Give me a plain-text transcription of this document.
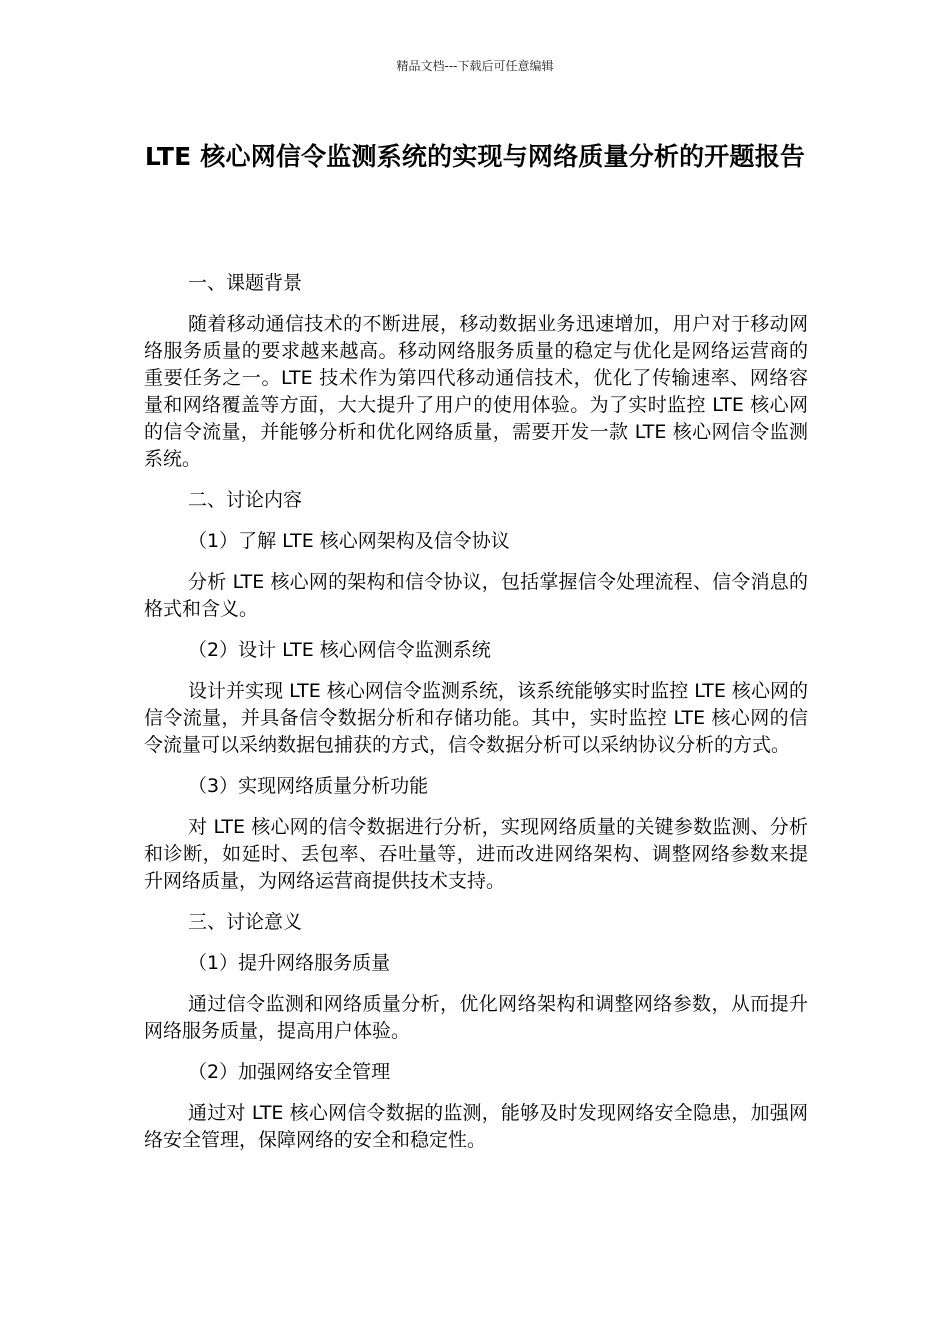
精品文档---下载后可任意编辑
LTE 核心网信令监测系统的实现与网络质量分析的开题报告

一、课题背景

随着移动通信技术的不断进展，移动数据业务迅速增加，用户对于移动网络服务质量的要求越来越高。移动网络服务质量的稳定与优化是网络运营商的重要任务之一。LTE 技术作为第四代移动通信技术，优化了传输速率、网络容量和网络覆盖等方面，大大提升了用户的使用体验。为了实时监控 LTE 核心网的信令流量，并能够分析和优化网络质量，需要开发一款 LTE 核心网信令监测系统。

二、讨论内容

（1）了解 LTE 核心网架构及信令协议

分析 LTE 核心网的架构和信令协议，包括掌握信令处理流程、信令消息的格式和含义。

（2）设计 LTE 核心网信令监测系统

设计并实现 LTE 核心网信令监测系统，该系统能够实时监控 LTE 核心网的信令流量，并具备信令数据分析和存储功能。其中，实时监控 LTE 核心网的信令流量可以采纳数据包捕获的方式，信令数据分析可以采纳协议分析的方式。

（3）实现网络质量分析功能

对 LTE 核心网的信令数据进行分析，实现网络质量的关键参数监测、分析和诊断，如延时、丢包率、吞吐量等，进而改进网络架构、调整网络参数来提升网络质量，为网络运营商提供技术支持。

三、讨论意义

（1）提升网络服务质量

通过信令监测和网络质量分析，优化网络架构和调整网络参数，从而提升网络服务质量，提高用户体验。

（2）加强网络安全管理

通过对 LTE 核心网信令数据的监测，能够及时发现网络安全隐患，加强网络安全管理，保障网络的安全和稳定性。
